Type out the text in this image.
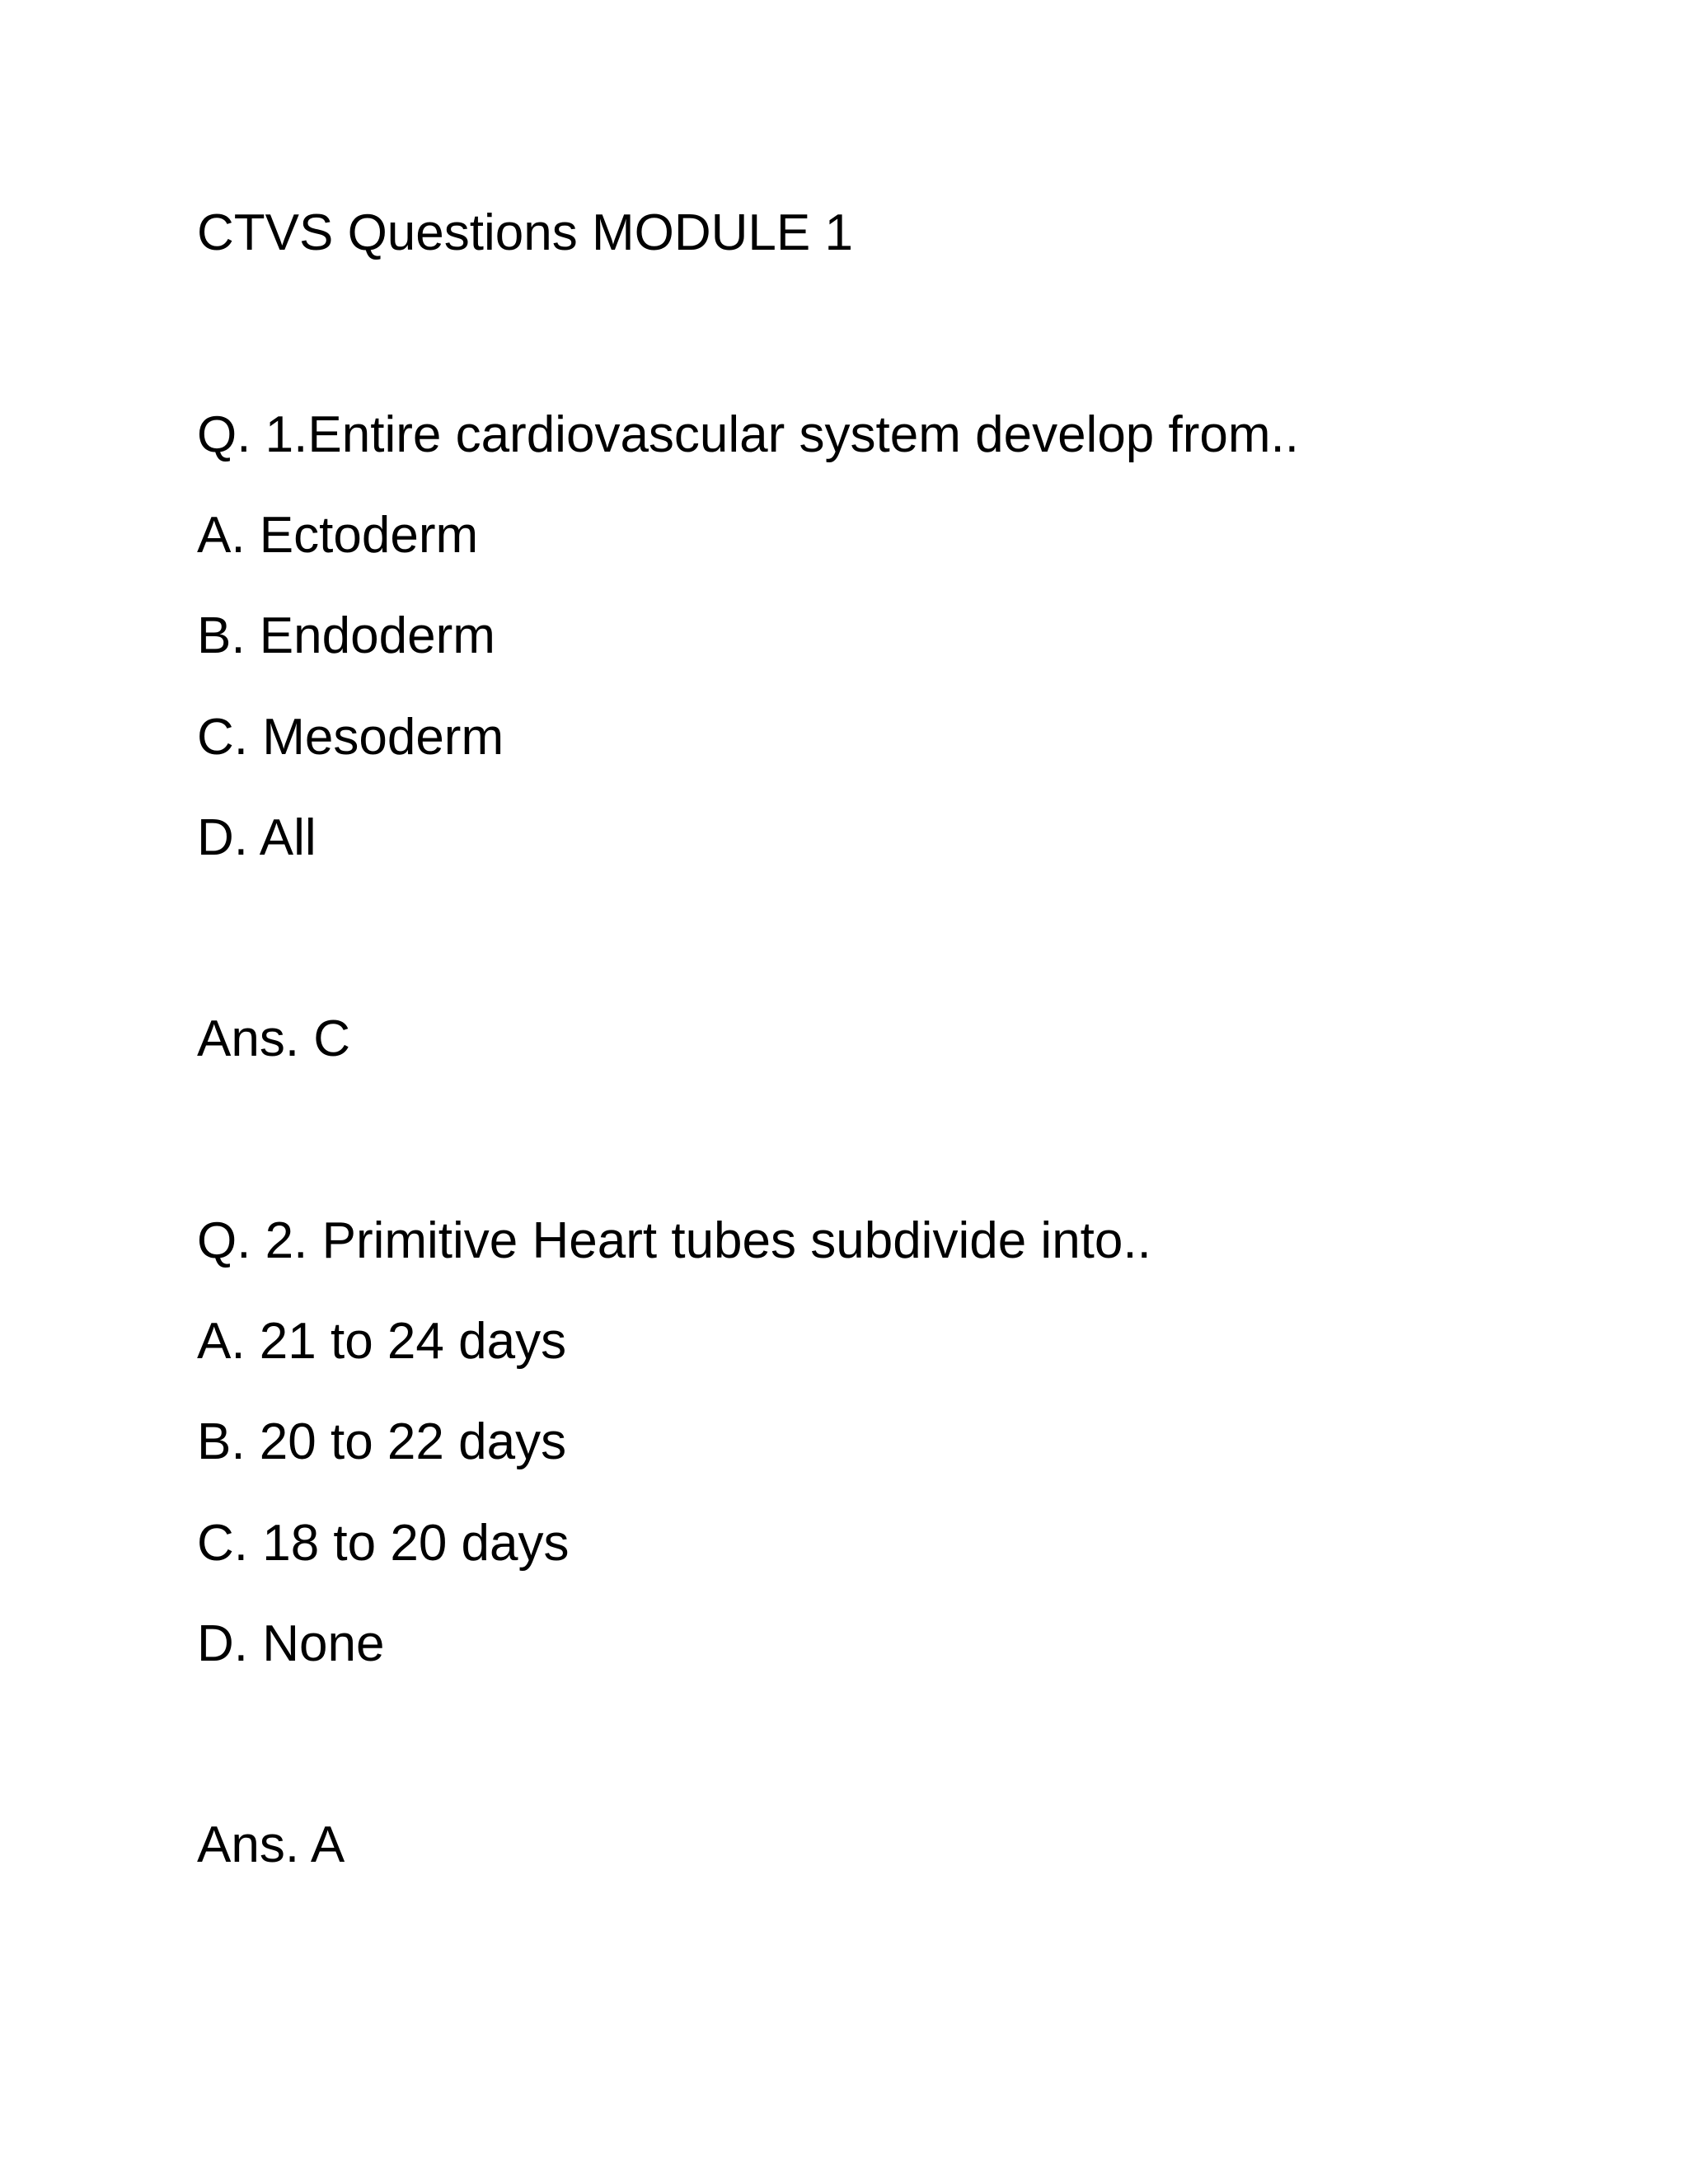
CTVS Questions MODULE 1
Q. 1.Entire cardiovascular system develop from..
A. Ectoderm
B. Endoderm
C. Mesoderm
D. All
Ans. C
Q. 2. Primitive Heart tubes subdivide into..
A. 21 to 24 days
B. 20 to 22 days
C. 18 to 20 days
D. None
Ans. A
